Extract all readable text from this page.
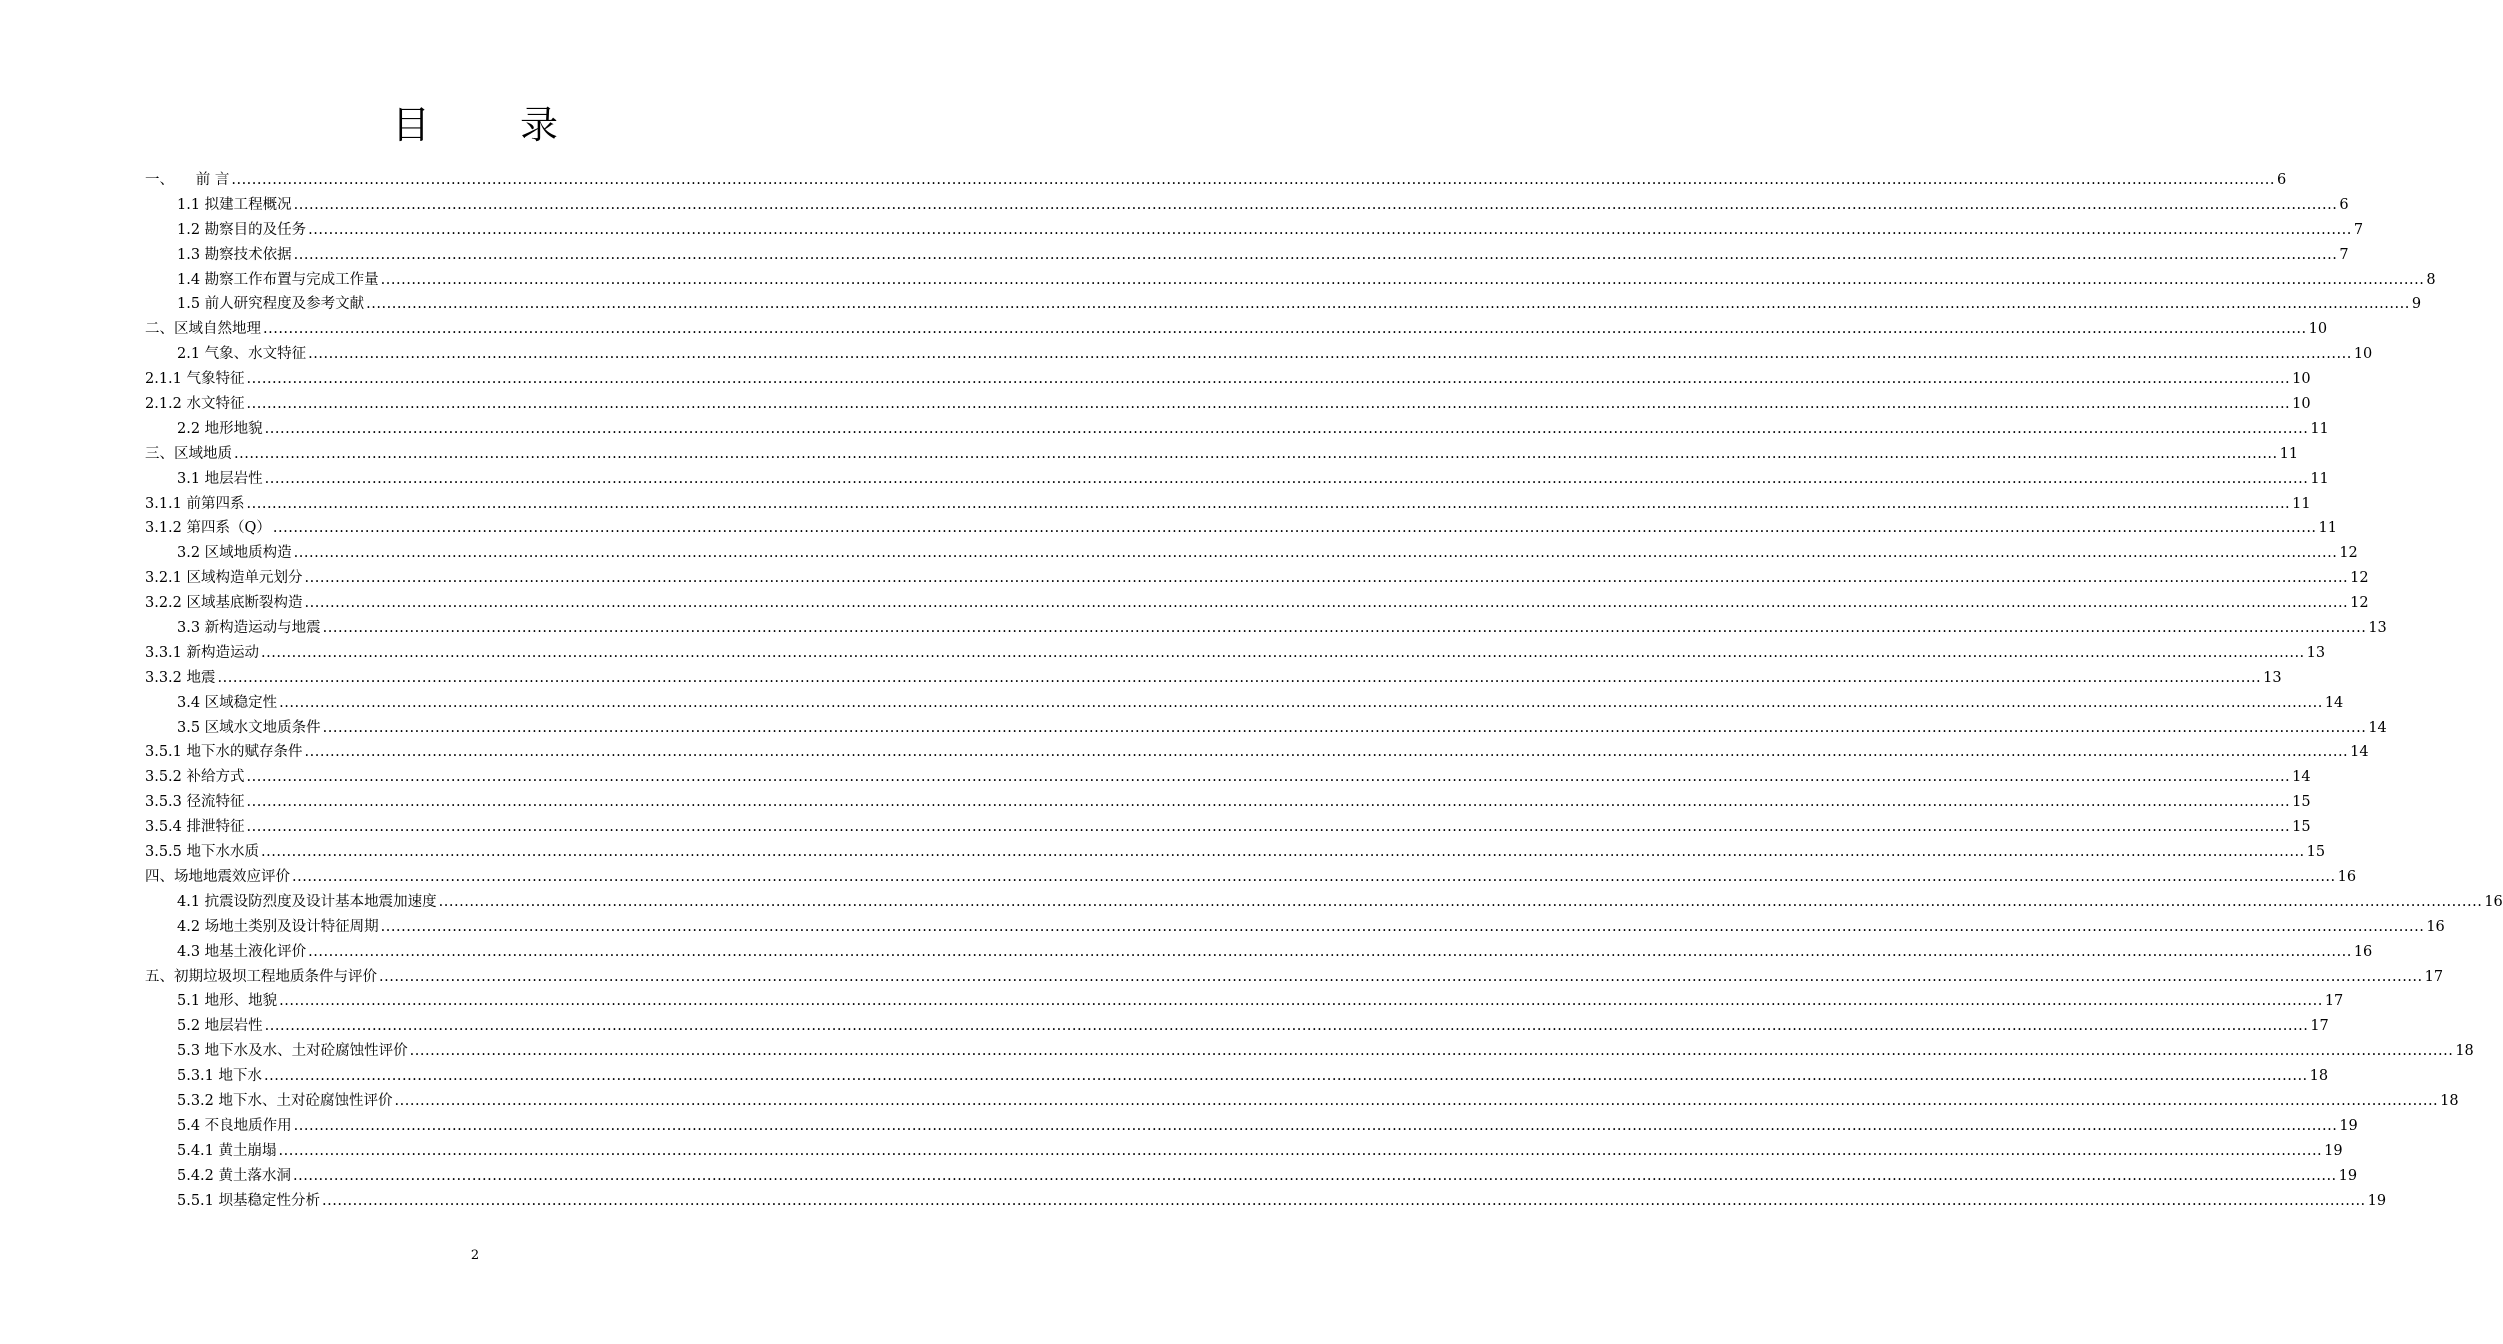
目 录
一、　　前 言 ................................................................................................................................................................................................................................................................................................................................................................................................................ 6
1.1 拟建工程概况 ................................................................................................................................................................................................................................................................................................................................................................................................................ 6
1.2 勘察目的及任务 ................................................................................................................................................................................................................................................................................................................................................................................................................ 7
1.3 勘察技术依据 ................................................................................................................................................................................................................................................................................................................................................................................................................ 7
1.4 勘察工作布置与完成工作量 ................................................................................................................................................................................................................................................................................................................................................................................................................ 8
1.5 前人研究程度及参考文献 ................................................................................................................................................................................................................................................................................................................................................................................................................ 9
二、区域自然地理 ................................................................................................................................................................................................................................................................................................................................................................................................................ 10
2.1 气象、水文特征 ................................................................................................................................................................................................................................................................................................................................................................................................................ 10
2.1.1 气象特征 ................................................................................................................................................................................................................................................................................................................................................................................................................ 10
2.1.2 水文特征 ................................................................................................................................................................................................................................................................................................................................................................................................................ 10
2.2 地形地貌 ................................................................................................................................................................................................................................................................................................................................................................................................................ 11
三、区域地质 ................................................................................................................................................................................................................................................................................................................................................................................................................ 11
3.1 地层岩性 ................................................................................................................................................................................................................................................................................................................................................................................................................ 11
3.1.1 前第四系 ................................................................................................................................................................................................................................................................................................................................................................................................................ 11
3.1.2 第四系（Q） ................................................................................................................................................................................................................................................................................................................................................................................................................ 11
3.2 区域地质构造 ................................................................................................................................................................................................................................................................................................................................................................................................................ 12
3.2.1 区域构造单元划分 ................................................................................................................................................................................................................................................................................................................................................................................................................ 12
3.2.2 区域基底断裂构造 ................................................................................................................................................................................................................................................................................................................................................................................................................ 12
3.3 新构造运动与地震 ................................................................................................................................................................................................................................................................................................................................................................................................................ 13
3.3.1 新构造运动 ................................................................................................................................................................................................................................................................................................................................................................................................................ 13
3.3.2 地震 ................................................................................................................................................................................................................................................................................................................................................................................................................ 13
3.4 区域稳定性 ................................................................................................................................................................................................................................................................................................................................................................................................................ 14
3.5 区域水文地质条件 ................................................................................................................................................................................................................................................................................................................................................................................................................ 14
3.5.1 地下水的赋存条件 ................................................................................................................................................................................................................................................................................................................................................................................................................ 14
3.5.2 补给方式 ................................................................................................................................................................................................................................................................................................................................................................................................................ 14
3.5.3 径流特征 ................................................................................................................................................................................................................................................................................................................................................................................................................ 15
3.5.4 排泄特征 ................................................................................................................................................................................................................................................................................................................................................................................................................ 15
3.5.5 地下水水质 ................................................................................................................................................................................................................................................................................................................................................................................................................ 15
四、场地地震效应评价 ................................................................................................................................................................................................................................................................................................................................................................................................................ 16
4.1 抗震设防烈度及设计基本地震加速度 ................................................................................................................................................................................................................................................................................................................................................................................................................ 16
4.2 场地土类别及设计特征周期 ................................................................................................................................................................................................................................................................................................................................................................................................................ 16
4.3 地基土液化评价 ................................................................................................................................................................................................................................................................................................................................................................................................................ 16
五、初期垃圾坝工程地质条件与评价 ................................................................................................................................................................................................................................................................................................................................................................................................................ 17
5.1 地形、地貌 ................................................................................................................................................................................................................................................................................................................................................................................................................ 17
5.2 地层岩性 ................................................................................................................................................................................................................................................................................................................................................................................................................ 17
5.3 地下水及水、土对砼腐蚀性评价 ................................................................................................................................................................................................................................................................................................................................................................................................................ 18
5.3.1 地下水 ................................................................................................................................................................................................................................................................................................................................................................................................................ 18
5.3.2 地下水、土对砼腐蚀性评价 ................................................................................................................................................................................................................................................................................................................................................................................................................ 18
5.4 不良地质作用 ................................................................................................................................................................................................................................................................................................................................................................................................................ 19
5.4.1 黄土崩塌 ................................................................................................................................................................................................................................................................................................................................................................................................................ 19
5.4.2 黄土落水洞 ................................................................................................................................................................................................................................................................................................................................................................................................................ 19
5.5.1 坝基稳定性分析 ................................................................................................................................................................................................................................................................................................................................................................................................................ 19
2
